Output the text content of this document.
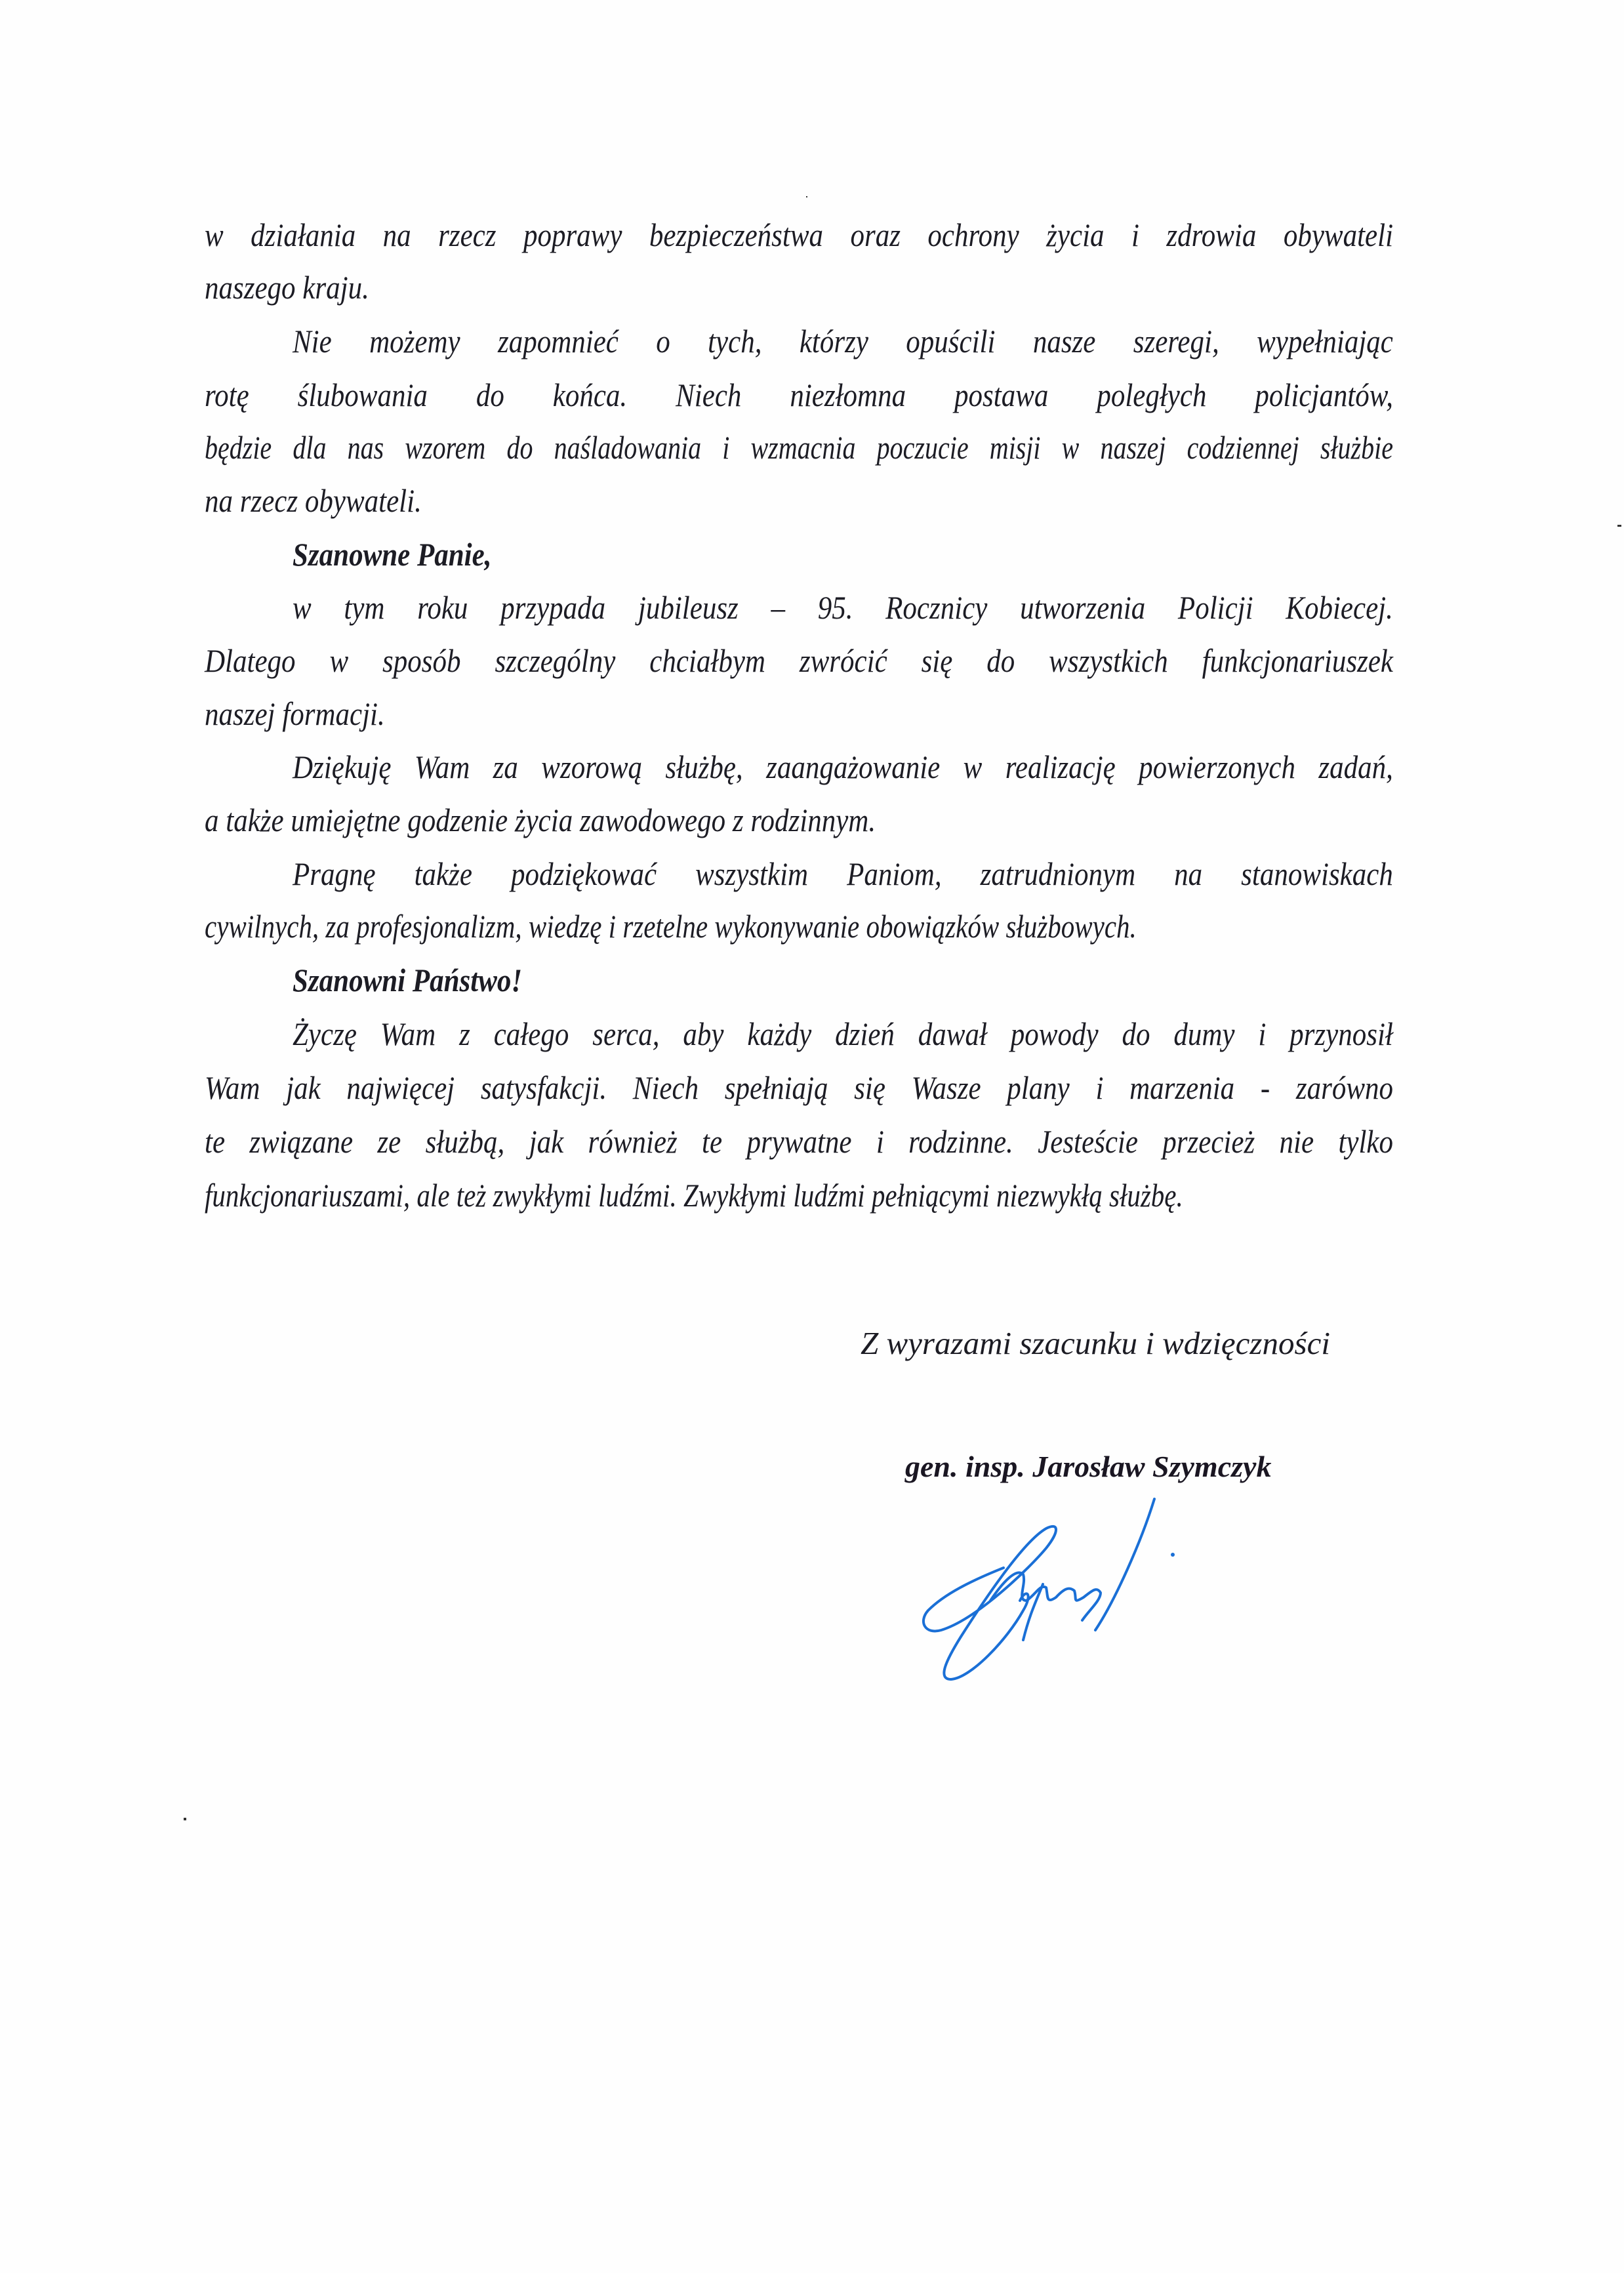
w działania na rzecz poprawy bezpieczeństwa oraz ochrony życia i zdrowia obywateli
naszego kraju.
Nie możemy zapomnieć o tych, którzy opuścili nasze szeregi, wypełniając
rotę ślubowania do końca. Niech niezłomna postawa poległych policjantów,
będzie dla nas wzorem do naśladowania i wzmacnia poczucie misji w naszej codziennej służbie
na rzecz obywateli.
Szanowne Panie,
w tym roku przypada jubileusz – 95. Rocznicy utworzenia Policji Kobiecej.
Dlatego w sposób szczególny chciałbym zwrócić się do wszystkich funkcjonariuszek
naszej formacji.
Dziękuję Wam za wzorową służbę, zaangażowanie w realizację powierzonych zadań,
a także umiejętne godzenie życia zawodowego z rodzinnym.
Pragnę także podziękować wszystkim Paniom, zatrudnionym na stanowiskach
cywilnych, za profesjonalizm, wiedzę i rzetelne wykonywanie obowiązków służbowych.
Szanowni Państwo!
Życzę Wam z całego serca, aby każdy dzień dawał powody do dumy i przynosił
Wam jak najwięcej satysfakcji. Niech spełniają się Wasze plany i marzenia - zarówno
te związane ze służbą, jak również te prywatne i rodzinne. Jesteście przecież nie tylko
funkcjonariuszami, ale też zwykłymi ludźmi. Zwykłymi ludźmi pełniącymi niezwykłą służbę.
Z wyrazami szacunku i wdzięczności
gen. insp. Jarosław Szymczyk
